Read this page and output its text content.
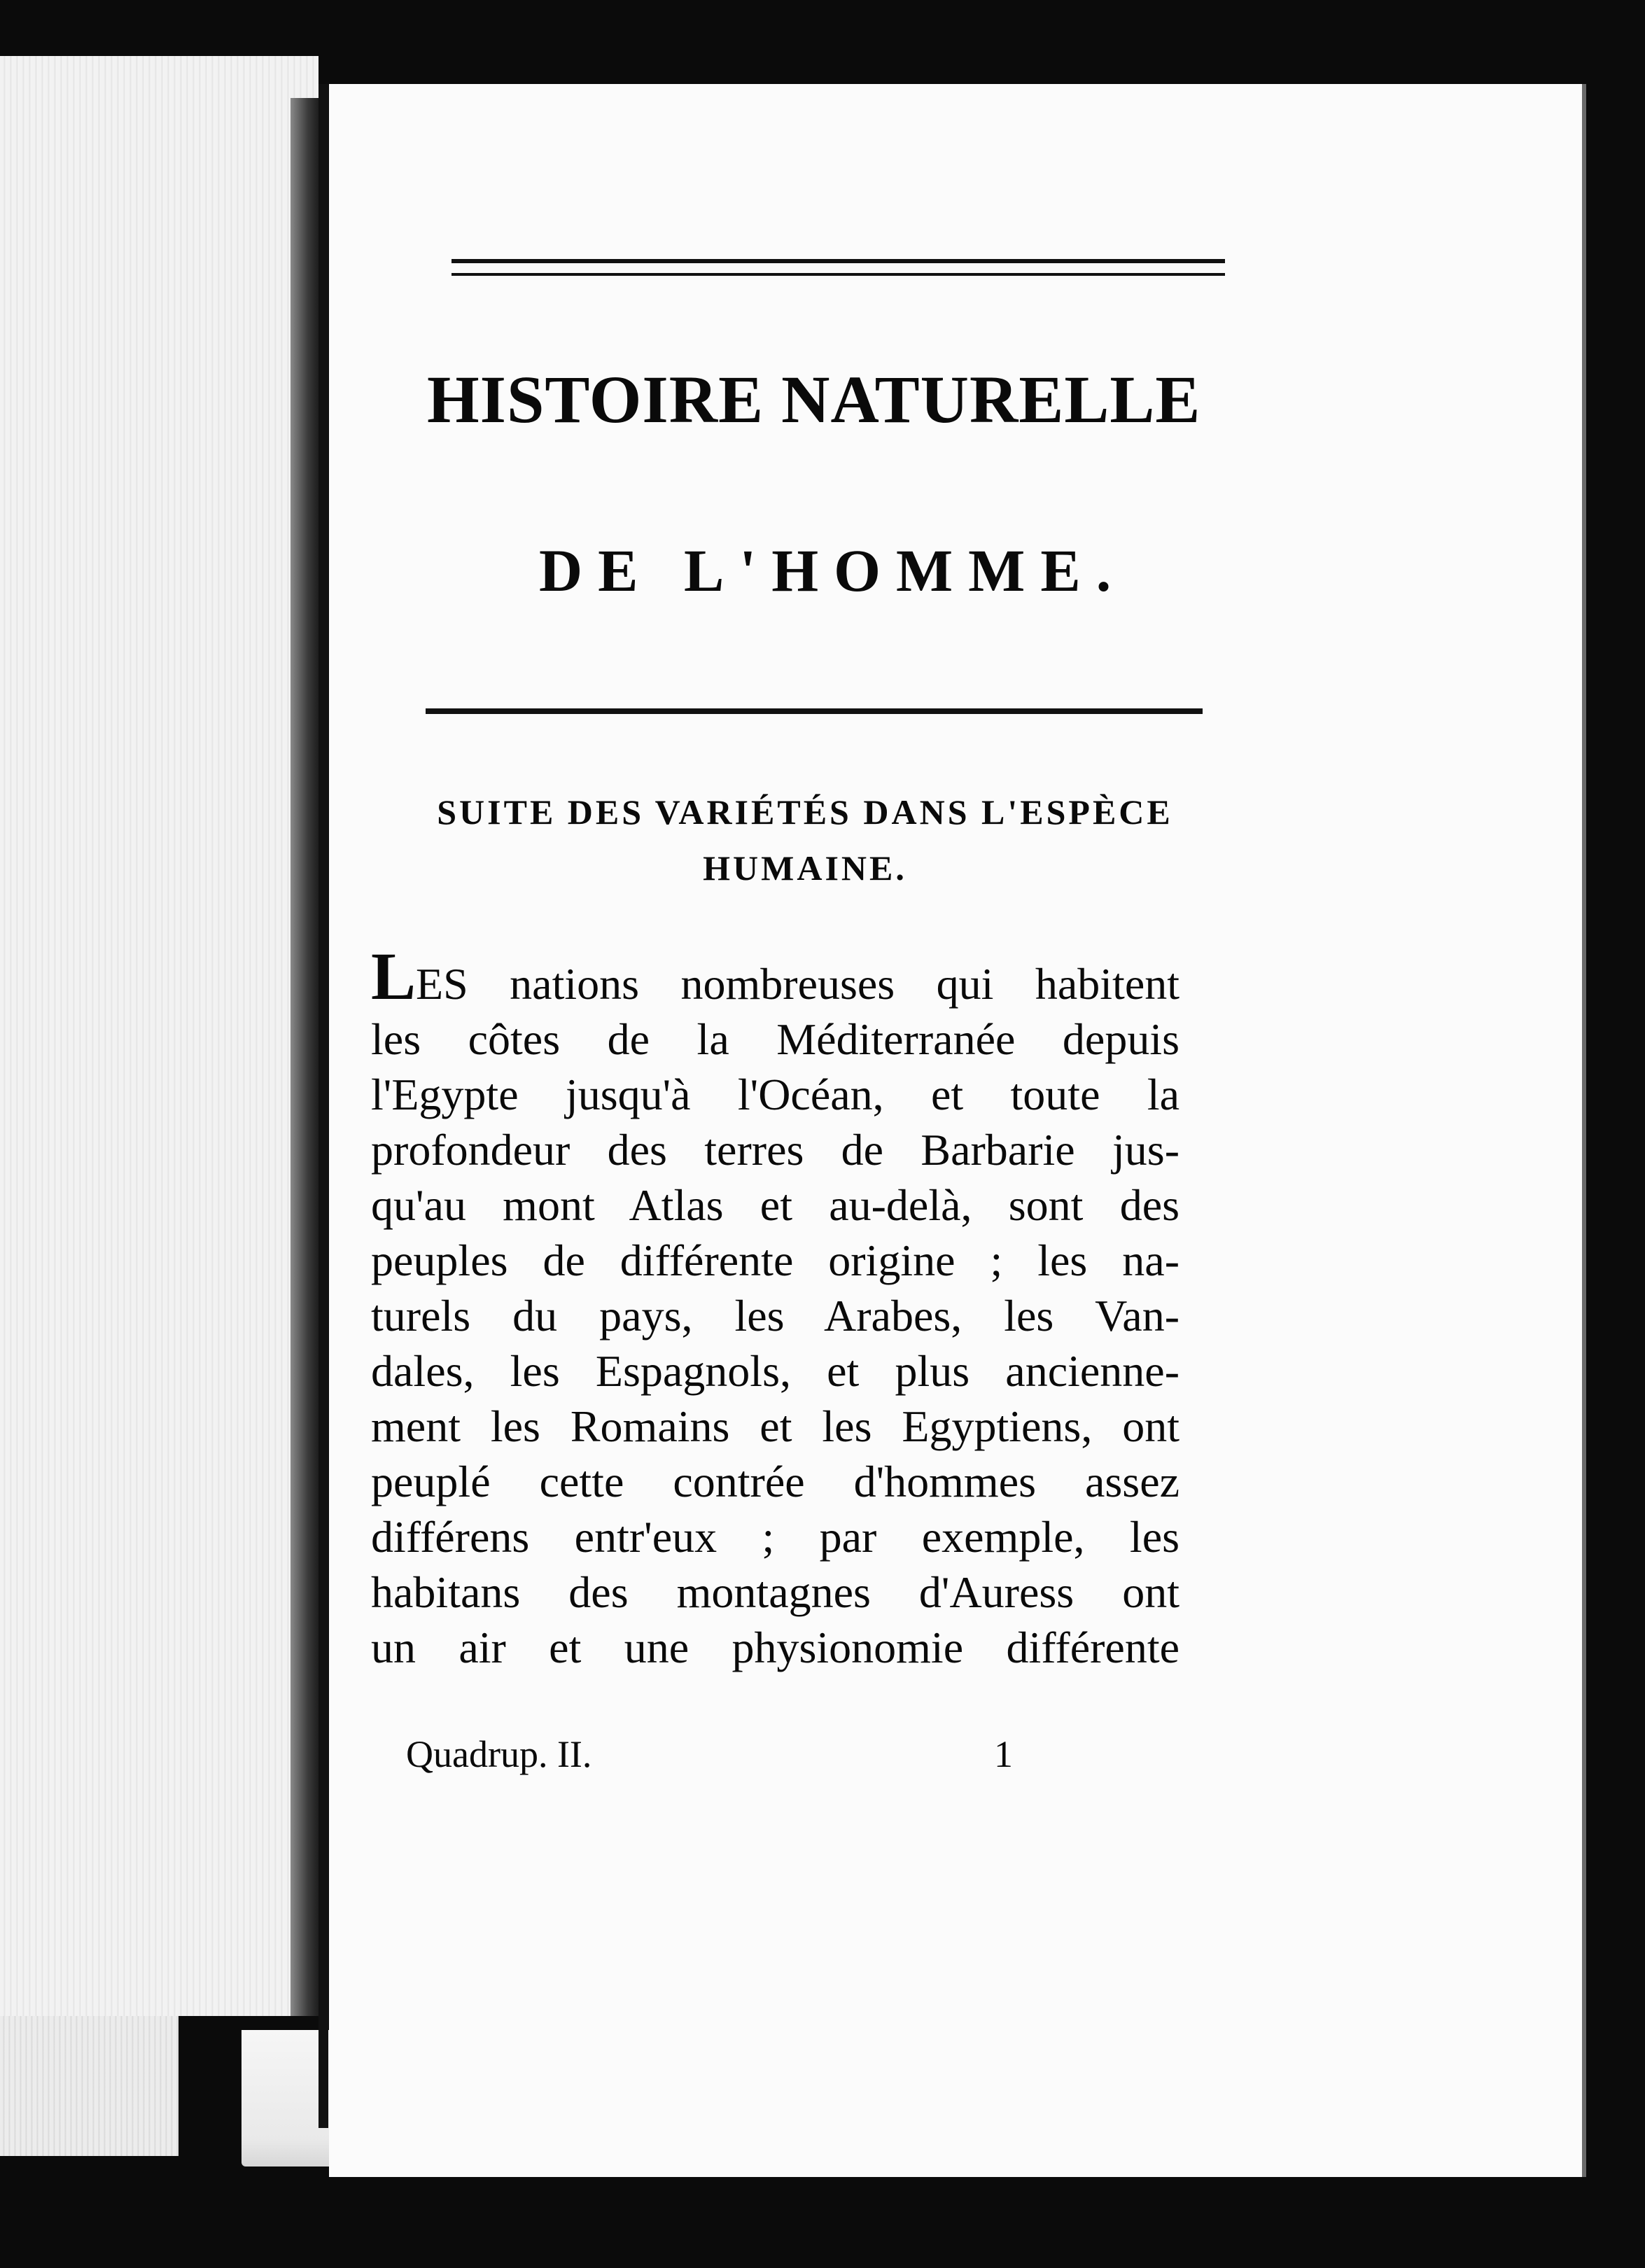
HISTOIRE NATURELLE
DE L'HOMME.
SUITE DES VARIÉTÉS DANS L'ESPÈCE HUMAINE.
LES nations nombreuses qui habitent
les côtes de la Méditerranée depuis
l'Egypte jusqu'à l'Océan, et toute la
profondeur des terres de Barbarie jus-
qu'au mont Atlas et au-delà, sont des
peuples de différente origine ; les na-
turels du pays, les Arabes, les Van-
dales, les Espagnols, et plus ancienne-
ment les Romains et les Egyptiens, ont
peuplé cette contrée d'hommes assez
différens entr'eux ; par exemple, les
habitans des montagnes d'Auress ont
un air et une physionomie différente
Quadrup. II.	1
